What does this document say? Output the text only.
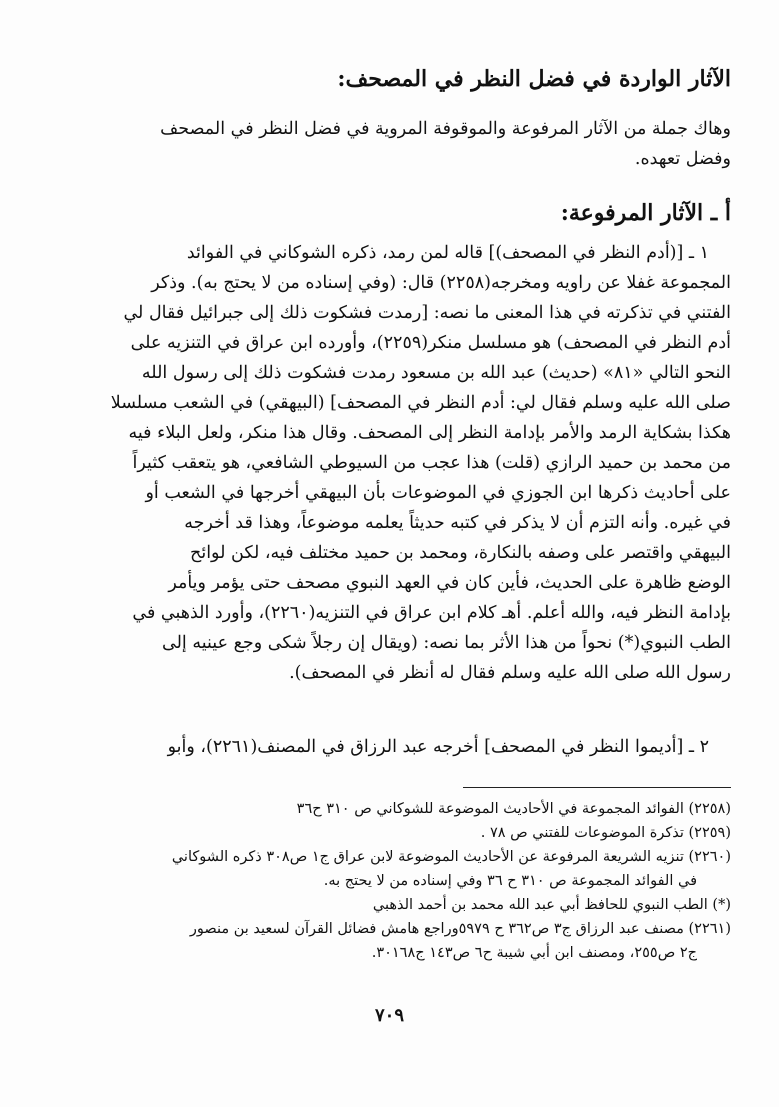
الآثار الواردة في فضل النظر في المصحف:
وهاك جملة من الآثار المرفوعة والموقوفة المروية في فضل النظر في المصحف
وفضل تعهده.
أ ـ الآثار المرفوعة:
١ ـ [(أدم النظر في المصحف)] قاله لمن رمد، ذكره الشوكاني في الفوائد
المجموعة غفلا عن راويه ومخرجه(٢٢٥٨) قال: (وفي إسناده من لا يحتج به). وذكر
الفتني في تذكرته في هذا المعنى ما نصه: [رمدت فشكوت ذلك إلى جبرائيل فقال لي
أدم النظر في المصحف) هو مسلسل منكر(٢٢٥٩)، وأورده ابن عراق في التنزيه على
النحو التالي «٨١» (حديث) عبد الله بن مسعود رمدت فشكوت ذلك إلى رسول الله
صلى الله عليه وسلم فقال لي: أدم النظر في المصحف] (البيهقي) في الشعب مسلسلا
هكذا بشكاية الرمد والأمر بإدامة النظر إلى المصحف. وقال هذا منكر، ولعل البلاء فيه
من محمد بن حميد الرازي (قلت) هذا عجب من السيوطي الشافعي، هو يتعقب كثيراً
على أحاديث ذكرها ابن الجوزي في الموضوعات بأن البيهقي أخرجها في الشعب أو
في غيره. وأنه التزم أن لا يذكر في كتبه حديثاً يعلمه موضوعاً، وهذا قد أخرجه
البيهقي واقتصر على وصفه بالنكارة، ومحمد بن حميد مختلف فيه، لكن لوائح
الوضع ظاهرة على الحديث، فأين كان في العهد النبوي مصحف حتى يؤمر ويأمر
بإدامة النظر فيه، والله أعلم. أهـ كلام ابن عراق في التنزيه(٢٢٦٠)، وأورد الذهبي في
الطب النبوي(*) نحواً من هذا الأثر بما نصه: (ويقال إن رجلاً شكى وجع عينيه إلى
رسول الله صلى الله عليه وسلم فقال له أنظر في المصحف).
٢ ـ [أديموا النظر في المصحف] أخرجه عبد الرزاق في المصنف(٢٢٦١)، وأبو
(٢٢٥٨) الفوائد المجموعة في الأحاديث الموضوعة للشوكاني ص ٣١٠ ح٣٦
(٢٢٥٩) تذكرة الموضوعات للفتني ص ٧٨ .
(٢٢٦٠) تنزيه الشريعة المرفوعة عن الأحاديث الموضوعة لابن عراق ج١ ص٣٠٨ ذكره الشوكاني
في الفوائد المجموعة ص ٣١٠ ح ٣٦ وفي إسناده من لا يحتج به.
(*) الطب النبوي للحافظ أبي عبد الله محمد بن أحمد الذهبي
(٢٢٦١) مصنف عبد الرزاق ج٣ ص٣٦٢ ح ٥٩٧٩وراجع هامش فضائل القرآن لسعيد بن منصور
ج٢ ص٢٥٥، ومصنف ابن أبي شيبة ح٦ ص١٤٣ ج٣٠١٦٨.
٧٠٩
